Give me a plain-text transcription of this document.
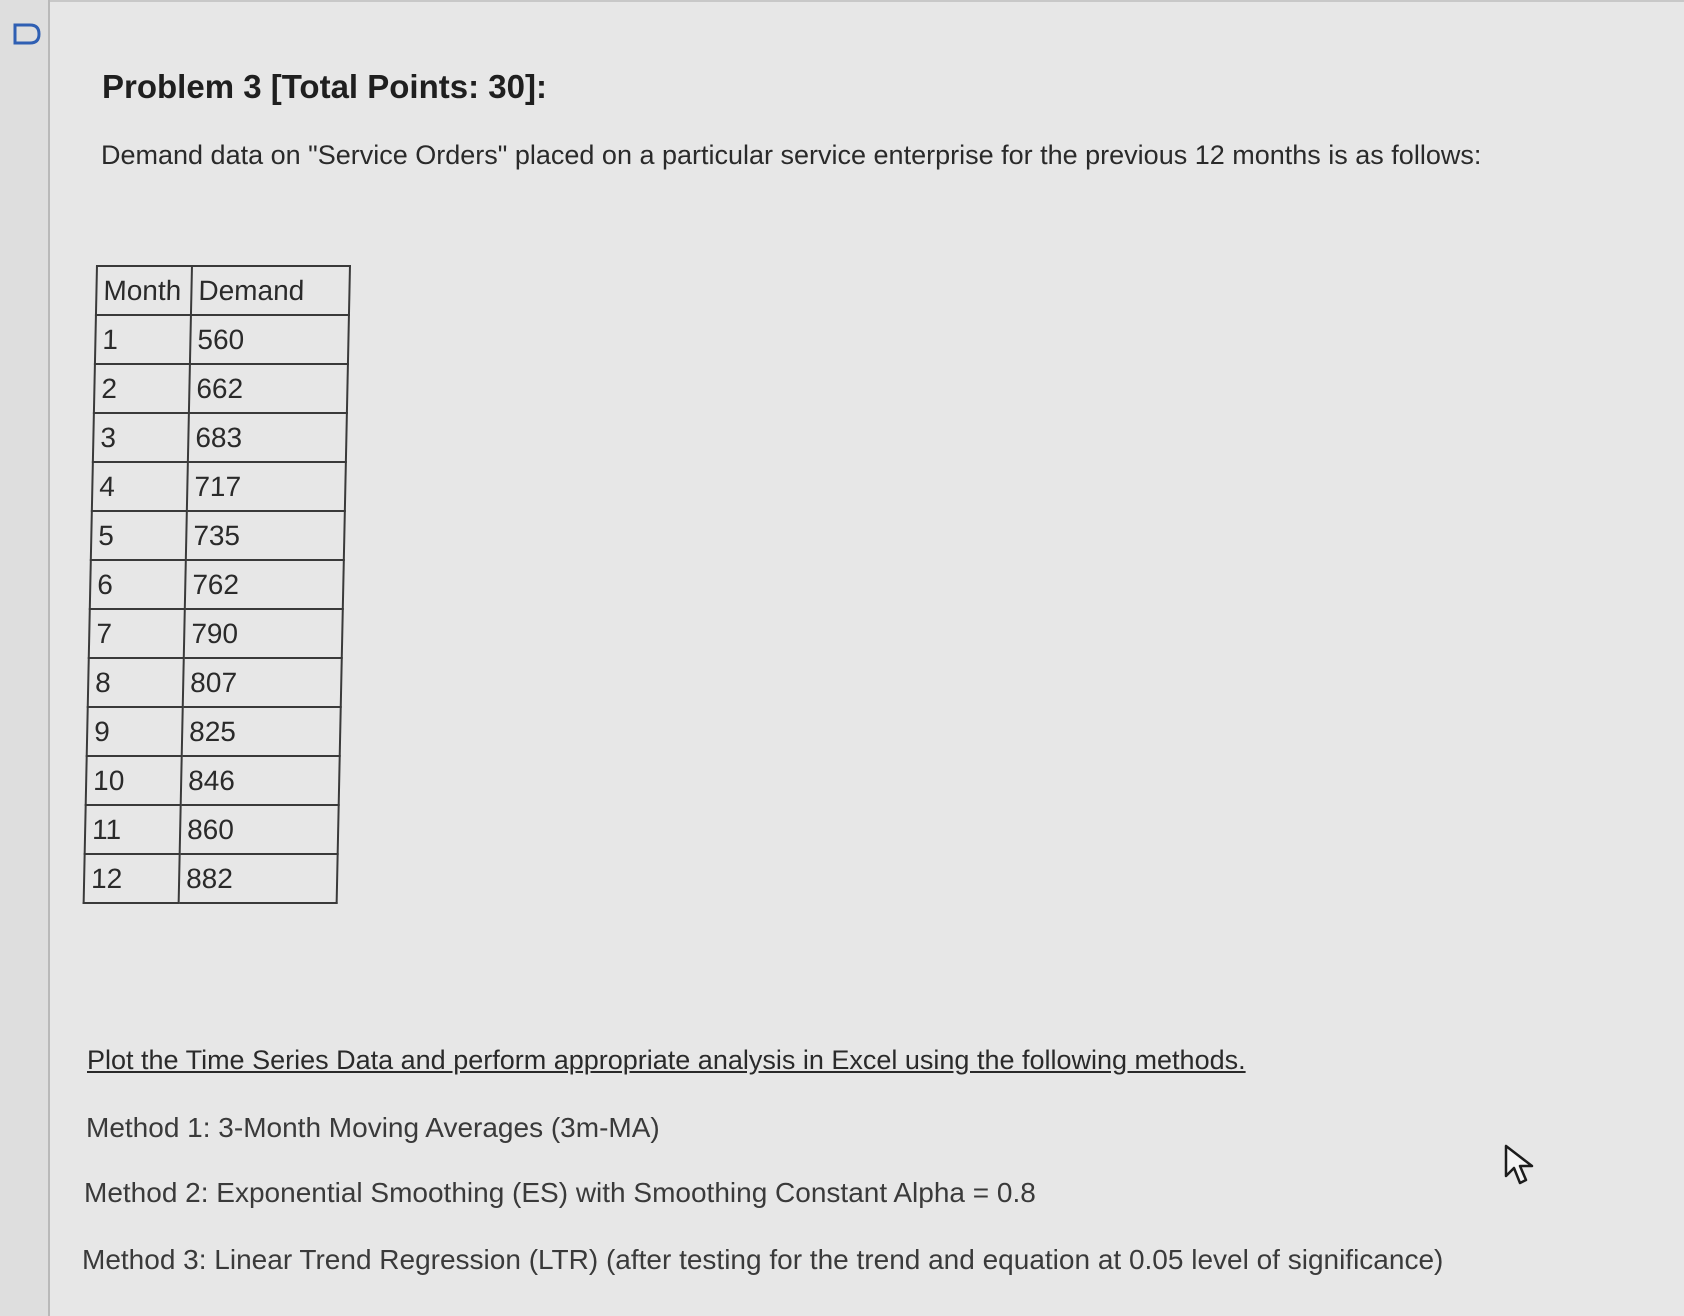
Problem 3 [Total Points: 30]:
Demand data on "Service Orders" placed on a particular service enterprise for the previous 12 months is as follows:
Month	Demand
1	560
2	662
3	683
4	717
5	735
6	762
7	790
8	807
9	825
10	846
11	860
12	882
Plot the Time Series Data and perform appropriate analysis in Excel using the following methods.
Method 1: 3-Month Moving Averages (3m-MA)
Method 2: Exponential Smoothing (ES) with Smoothing Constant Alpha = 0.8
Method 3: Linear Trend Regression (LTR) (after testing for the trend and equation at 0.05 level of significance)
